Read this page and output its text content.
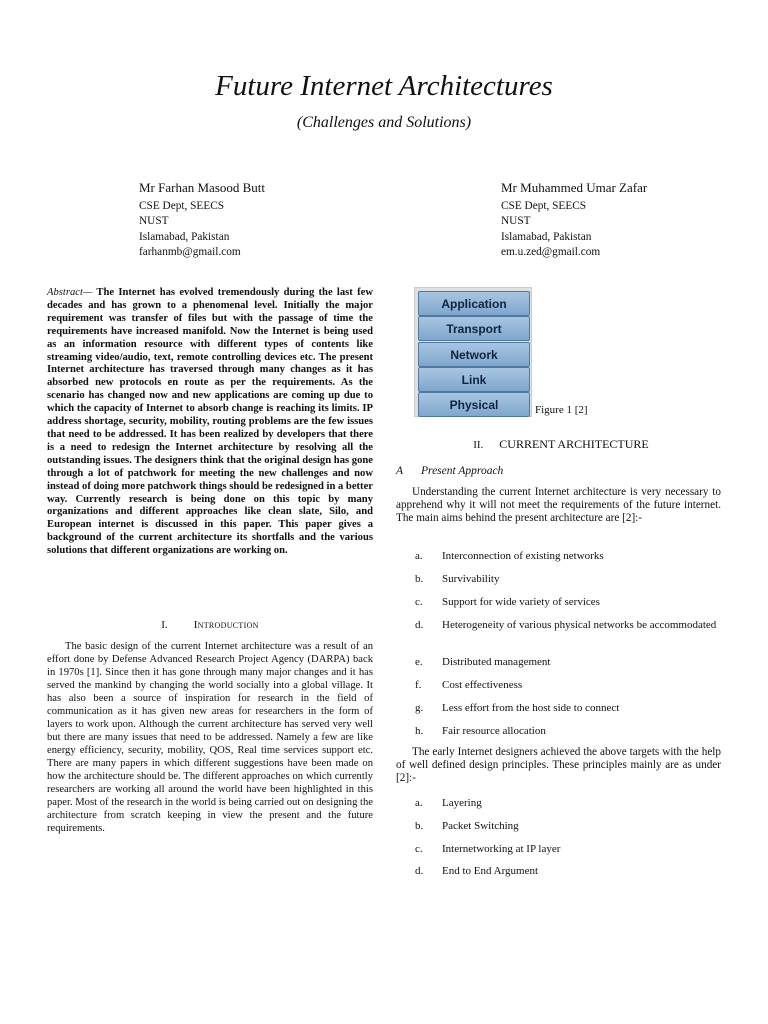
Future Internet Architectures
(Challenges and Solutions)
Mr Farhan Masood Butt
CSE Dept, SEECS
NUST
Islamabad, Pakistan
farhanmb@gmail.com
Mr Muhammed Umar Zafar
CSE Dept, SEECS
NUST
Islamabad, Pakistan
em.u.zed@gmail.com
Abstract— The Internet has evolved tremendously during the last few decades and has grown to a phenomenal level. Initially the major requirement was transfer of files but with the passage of time the requirements have increased manifold. Now the Internet is being used as an information resource with different types of contents like streaming video/audio, text, remote controlling devices etc. The present Internet architecture has traversed through many changes as it has absorbed new protocols en route as per the requirements. As the scenario has changed now and new applications are coming up due to which the capacity of Internet to absorb change is reaching its limits. IP address shortage, security, mobility, routing problems are the few issues that need to be addressed. It has been realized by developers that there is a need to redesign the Internet architecture by resolving all the outstanding issues. The designers think that the original design has gone through a lot of patchwork for meeting the new challenges and now instead of doing more patchwork things should be redesigned in a better way. Currently research is being done on this topic by many organizations and different approaches like clean slate, Silo, and European internet is discussed in this paper. This paper gives a background of the current architecture its shortfalls and the various solutions that different organizations are working on.
I. Introduction

The basic design of the current Internet architecture was a result of an effort done by Defense Advanced Research Project Agency (DARPA) back in 1970s [1]. Since then it has gone through many major changes and it has served the mankind by changing the world socially into a global village. It has also been a source of inspiration for research in the field of communication as it has given new areas for researchers in the form of layers to work upon. Although the current architecture has served very well but there are many issues that need to be addressed. Namely a few are like energy efficiency, security, mobility, QOS, Real time services support etc. There are many papers in which different suggestions have been made on how the architecture should be. The different approaches on which currently researchers are working all around the world have been highlighted in this paper. Most of the research in the world is being carried out on designing the architecture from scratch keeping in view the present and the future requirements.

Application
Transport
Network
Link
Physical	Figure 1 [2]
II. CURRENT ARCHITECTURE
A Present Approach

Understanding the current Internet architecture is very necessary to apprehend why it will not meet the requirements of the future internet. The main aims behind the present architecture are [2]:-

a. Interconnection of existing networks
b. Survivability
c. Support for wide variety of services
d. Heterogeneity of various physical networks be accommodated
e. Distributed management
f. Cost effectiveness
g. Less effort from the host side to connect
h. Fair resource allocation

The early Internet designers achieved the above targets with the help of well defined design principles. These principles mainly are as under [2]:-

a. Layering
b. Packet Switching
c. Internetworking at IP layer
d. End to End Argument
